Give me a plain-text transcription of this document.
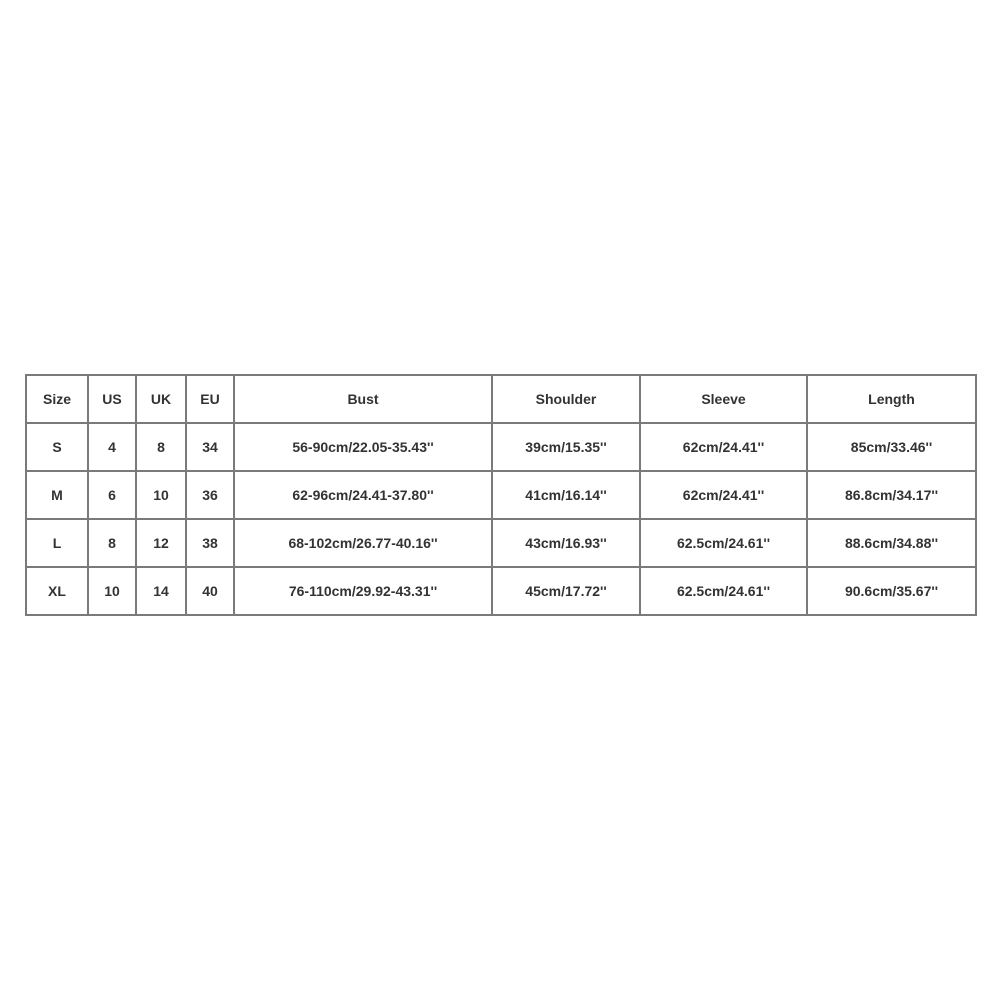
Size	US	UK	EU	Bust	Shoulder	Sleeve	Length
S	4	8	34	56-90cm/22.05-35.43''	39cm/15.35''	62cm/24.41''	85cm/33.46''
M	6	10	36	62-96cm/24.41-37.80''	41cm/16.14''	62cm/24.41''	86.8cm/34.17''
L	8	12	38	68-102cm/26.77-40.16''	43cm/16.93''	62.5cm/24.61''	88.6cm/34.88''
XL	10	14	40	76-110cm/29.92-43.31''	45cm/17.72''	62.5cm/24.61''	90.6cm/35.67''
